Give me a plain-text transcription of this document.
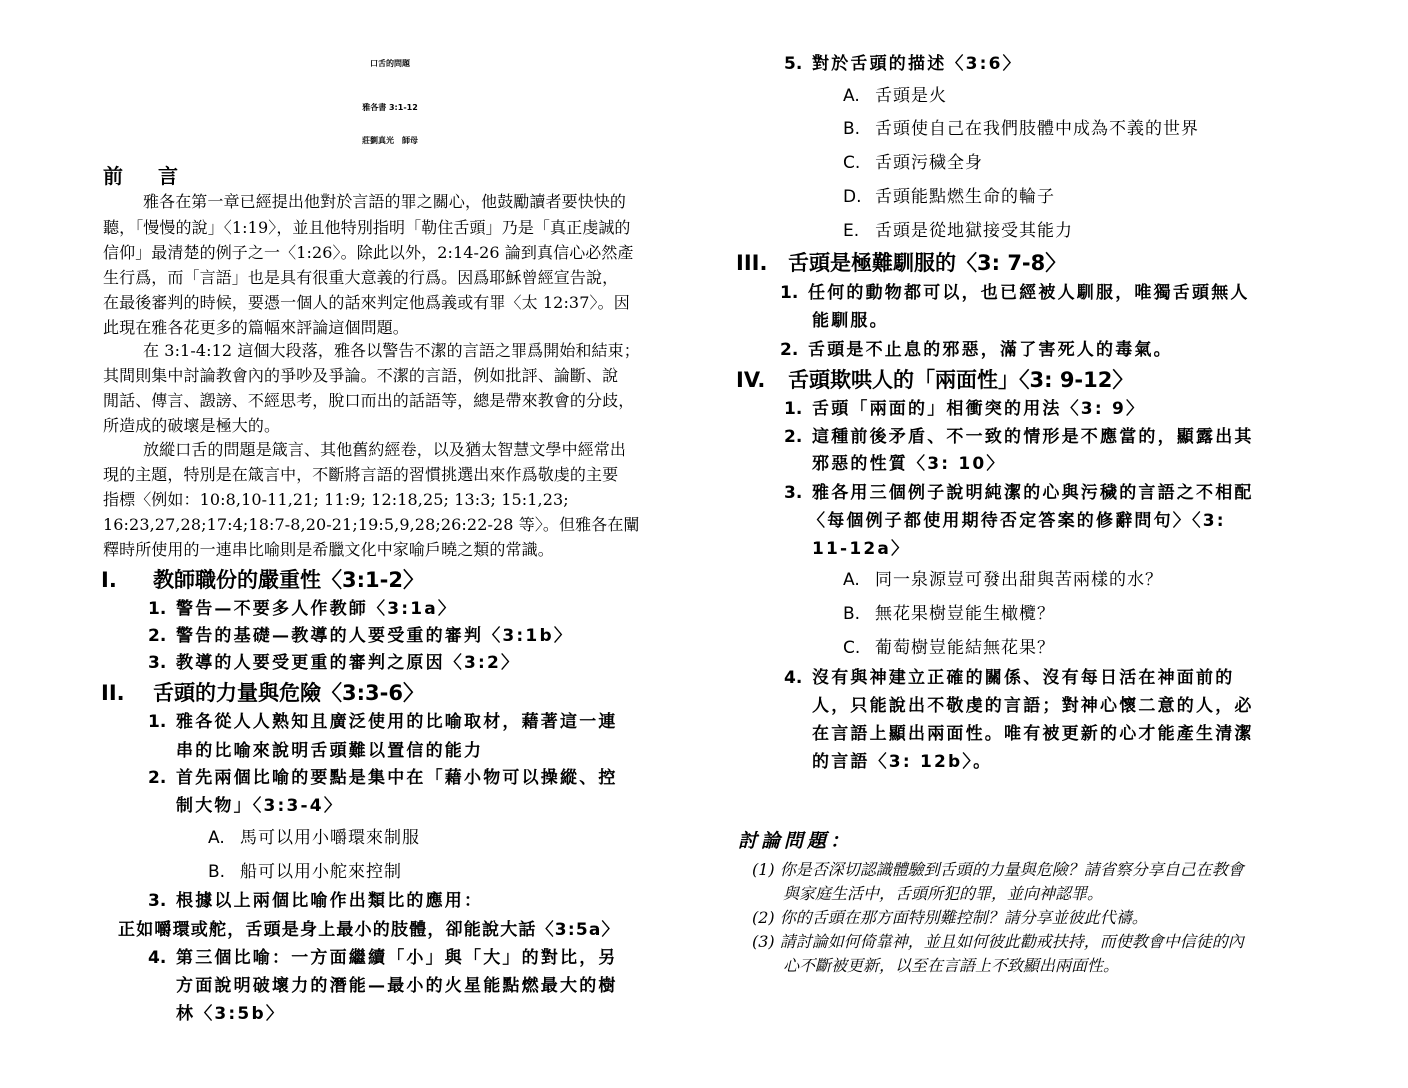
口舌的問題
雅各書 3:1-12
莊劉真光　師母
前 言
雅各在第一章已經提出他對於言語的罪之關心，他鼓勵讀者要快快的
聽，「慢慢的說」〈1:19〉，並且他特別指明「勒住舌頭」乃是「真正虔誠的
信仰」最清楚的例子之一〈1:26〉。除此以外，2:14-26 論到真信心必然產
生行爲，而「言語」也是具有很重大意義的行爲。因爲耶穌曾經宣告說，
在最後審判的時候，要憑一個人的話來判定他爲義或有罪〈太 12:37〉。因
此現在雅各花更多的篇幅來評論這個問題。
在 3:1-4:12 這個大段落，雅各以警告不潔的言語之罪爲開始和結束；
其間則集中討論教會內的爭吵及爭論。不潔的言語，例如批評、論斷、說
閒話、傳言、譭謗、不經思考，脫口而出的話語等，總是帶來教會的分歧，
所造成的破壞是極大的。
放縱口舌的問題是箴言、其他舊約經卷，以及猶太智慧文學中經常出
現的主題，特別是在箴言中，不斷將言語的習慣挑選出來作爲敬虔的主要
指標〈例如：10:8,10-11,21; 11:9; 12:18,25; 13:3; 15:1,23;
16:23,27,28;17:4;18:7-8,20-21;19:5,9,28;26:22-28 等〉。但雅各在闡
釋時所使用的一連串比喻則是希臘文化中家喻戶曉之類的常識。
I. 教師職份的嚴重性〈3:1-2〉
1. 警告—不要多人作教師〈3:1a〉
2. 警告的基礎—教導的人要受重的審判〈3:1b〉
3. 教導的人要受更重的審判之原因〈3:2〉
II. 舌頭的力量與危險〈3:3-6〉
1. 雅各從人人熟知且廣泛使用的比喻取材，藉著這一連
串的比喻來說明舌頭難以置信的能力
2. 首先兩個比喻的要點是集中在「藉小物可以操縱、控
制大物」〈3:3-4〉
A. 馬可以用小嚼環來制服
B. 船可以用小舵來控制
3. 根據以上兩個比喻作出類比的應用：
正如嚼環或舵，舌頭是身上最小的肢體，卻能說大話〈3:5a〉
4. 第三個比喻：一方面繼續「小」與「大」的對比，另
方面說明破壞力的潛能—最小的火星能點燃最大的樹
林〈3:5b〉
5. 對於舌頭的描述〈3:6〉
A. 舌頭是火
B. 舌頭使自己在我們肢體中成為不義的世界
C. 舌頭污穢全身
D. 舌頭能點燃生命的輪子
E. 舌頭是從地獄接受其能力
III. 舌頭是極難馴服的〈3: 7-8〉
1. 任何的動物都可以，也已經被人馴服，唯獨舌頭無人
能馴服。
2. 舌頭是不止息的邪惡，滿了害死人的毒氣。
IV. 舌頭欺哄人的「兩面性」〈3: 9-12〉
1. 舌頭「兩面的」相衝突的用法〈3: 9〉
2. 這種前後矛盾、不一致的情形是不應當的，顯露出其
邪惡的性質〈3: 10〉
3. 雅各用三個例子說明純潔的心與污穢的言語之不相配
〈每個例子都使用期待否定答案的修辭問句〉〈3:
11-12a〉
A. 同一泉源豈可發出甜與苦兩樣的水？
B. 無花果樹豈能生橄欖？
C. 葡萄樹豈能結無花果？
4. 沒有與神建立正確的關係、沒有每日活在神面前的
人，只能說出不敬虔的言語；對神心懷二意的人，必
在言語上顯出兩面性。唯有被更新的心才能產生清潔
的言語〈3: 12b〉。
討論問題：
(1) 你是否深切認識體驗到舌頭的力量與危險？請省察分享自己在教會
與家庭生活中，舌頭所犯的罪，並向神認罪。
(2) 你的舌頭在那方面特別難控制？請分享並彼此代禱。
(3) 請討論如何倚靠神，並且如何彼此勸戒扶持，而使教會中信徒的內
心不斷被更新，以至在言語上不致顯出兩面性。
